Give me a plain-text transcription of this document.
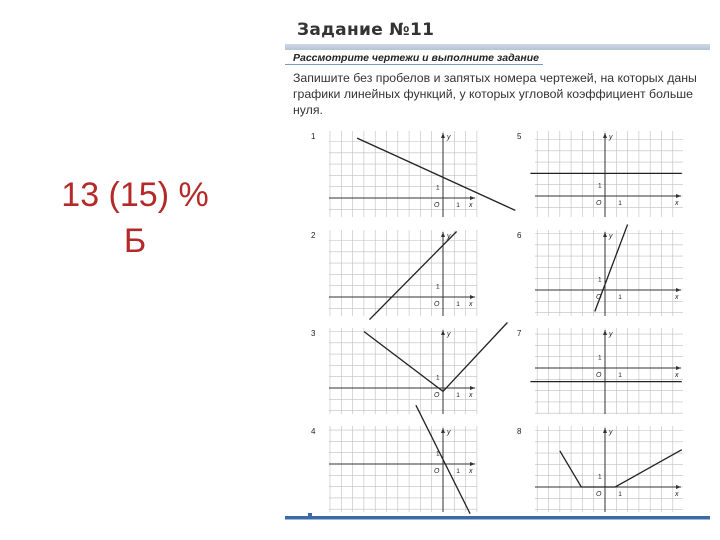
13 (15) %
Б
Задание №11
Рассмотрите чертежи и выполните задание
Запишите без пробелов и запятых номера чертежей, на которых даны графики линейных функций, у которых угловой коэффициент больше нуля.
1	y
x
O	1
1
2	y
x
O	1
1
3	y
x
O	1
1
4	y
x
O	1
1
5	y
x
O	1
1
6	y
x
O	1
1
7	y
x
O	1
1
8	y
x
O	1
1
